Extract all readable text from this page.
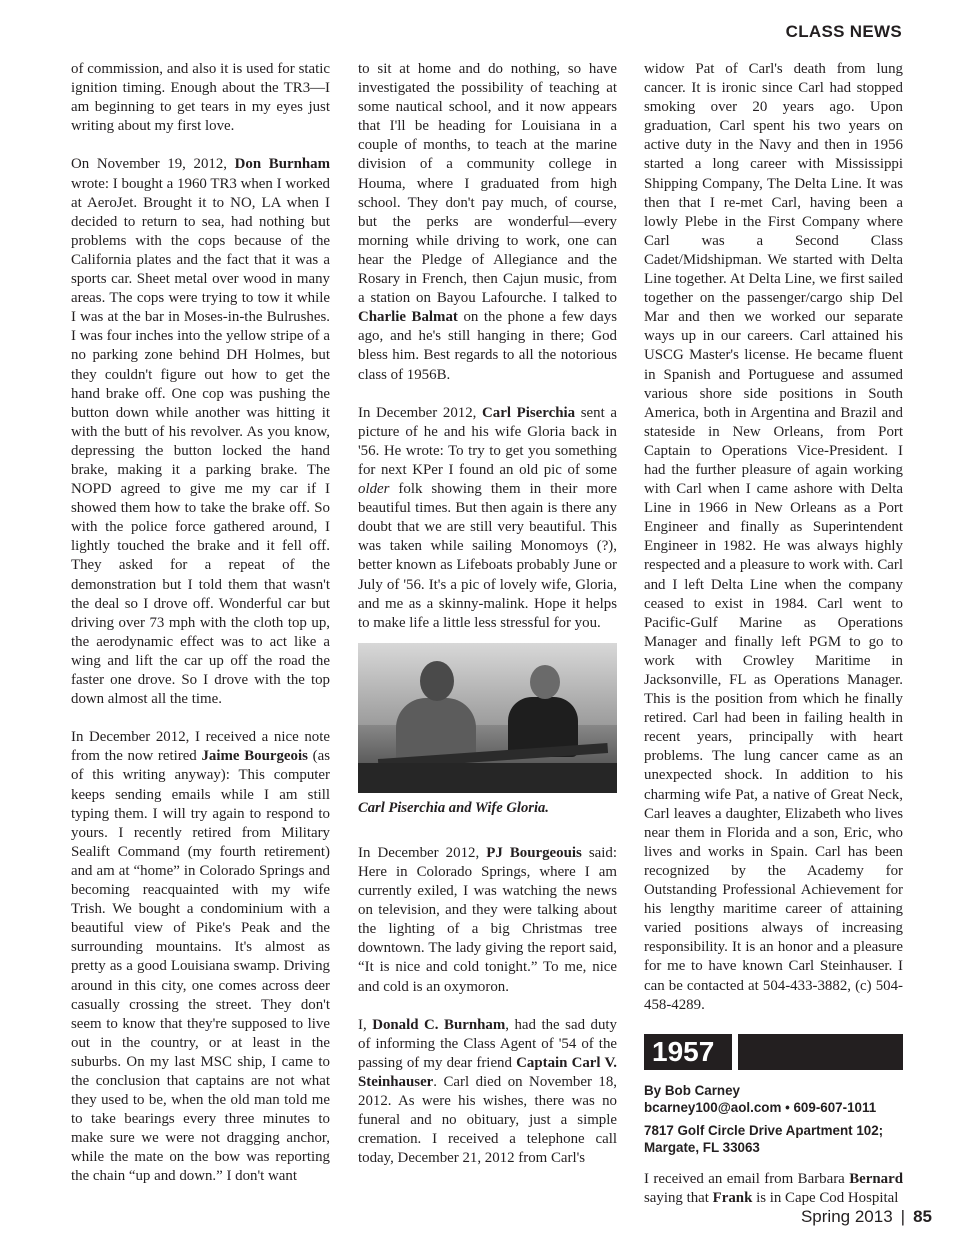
CLASS NEWS

of commission, and also it is used for static ignition timing. Enough about the TR3—I am beginning to get tears in my eyes just writing about my first love.

On November 19, 2012, Don Burnham wrote: I bought a 1960 TR3 when I worked at AeroJet. Brought it to NO, LA when I decided to return to sea, had nothing but problems with the cops because of the California plates and the fact that it was a sports car. Sheet metal over wood in many areas. The cops were trying to tow it while I was at the bar in Moses-in-the Bulrushes. I was four inches into the yellow stripe of a no parking zone behind DH Holmes, but they couldn't figure out how to get the hand brake off. One cop was pushing the button down while another was hitting it with the butt of his revolver. As you know, depressing the button locked the hand brake, making it a parking brake. The NOPD agreed to give me my car if I showed them how to take the brake off. So with the police force gathered around, I lightly touched the brake and it fell off. They asked for a repeat of the demonstration but I told them that wasn't the deal so I drove off. Wonderful car but driving over 73 mph with the cloth top up, the aerodynamic effect was to act like a wing and lift the car up off the road the faster one drove. So I drove with the top down almost all the time.

In December 2012, I received a nice note from the now retired Jaime Bourgeois (as of this writing anyway): This computer keeps sending emails while I am still typing them. I will try again to respond to yours. I recently retired from Military Sealift Command (my fourth retirement) and am at “home” in Colorado Springs and becoming reacquainted with my wife Trish. We bought a condominium with a beautiful view of Pike's Peak and the surrounding mountains. It's almost as pretty as a good Louisiana swamp. Driving around in this city, one comes across deer casually crossing the street. They don't seem to know that they're supposed to live out in the country, or at least in the suburbs. On my last MSC ship, I came to the conclusion that captains are not what they used to be, when the old man told me to take bearings every three minutes to make sure we were not dragging anchor, while the mate on the bow was reporting the chain “up and down.” I don't want

to sit at home and do nothing, so have investigated the possibility of teaching at some nautical school, and it now appears that I'll be heading for Louisiana in a couple of months, to teach at the marine division of a community college in Houma, where I graduated from high school. They don't pay much, of course, but the perks are wonderful—every morning while driving to work, one can hear the Pledge of Allegiance and the Rosary in French, then Cajun music, from a station on Bayou Lafourche. I talked to Charlie Balmat on the phone a few days ago, and he's still hanging in there; God bless him. Best regards to all the notorious class of 1956B.

In December 2012, Carl Piserchia sent a picture of he and his wife Gloria back in '56. He wrote: To try to get you something for next KPer I found an old pic of some older folk showing them in their more beautiful times. But then again is there any doubt that we are still very beautiful. This was taken while sailing Monomoys (?), better known as Lifeboats probably June or July of '56. It's a pic of lovely wife, Gloria, and me as a skinny-malink. Hope it helps to make life a little less stressful for you.

Carl Piserchia and Wife Gloria.

In December 2012, PJ Bourgeouis said: Here in Colorado Springs, where I am currently exiled, I was watching the news on television, and they were talking about the lighting of a big Christmas tree downtown. The lady giving the report said, “It is nice and cold tonight.” To me, nice and cold is an oxymoron.

I, Donald C. Burnham, had the sad duty of informing the Class Agent of '54 of the passing of my dear friend Captain Carl V. Steinhauser. Carl died on November 18, 2012. As were his wishes, there was no funeral and no obituary, just a simple cremation. I received a telephone call today, December 21, 2012 from Carl's

widow Pat of Carl's death from lung cancer. It is ironic since Carl had stopped smoking over 20 years ago. Upon graduation, Carl spent his two years on active duty in the Navy and then in 1956 started a long career with Mississippi Shipping Company, The Delta Line. It was then that I re-met Carl, having been a lowly Plebe in the First Company where Carl was a Second Class Cadet/Midshipman. We started with Delta Line together. At Delta Line, we first sailed together on the passenger/cargo ship Del Mar and then we worked our separate ways up in our careers. Carl attained his USCG Master's license. He became fluent in Spanish and Portuguese and assumed various shore side positions in South America, both in Argentina and Brazil and stateside in New Orleans, from Port Captain to Operations Vice-President. I had the further pleasure of again working with Carl when I came ashore with Delta Line in 1966 in New Orleans as a Port Engineer and finally as Superintendent Engineer in 1982. He was always highly respected and a pleasure to work with. Carl and I left Delta Line when the company ceased to exist in 1984. Carl went to Pacific-Gulf Marine as Operations Manager and finally left PGM to go to work with Crowley Maritime in Jacksonville, FL as Operations Manager. This is the position from which he finally retired. Carl had been in failing health in recent years, principally with heart problems. The lung cancer came as an unexpected shock. In addition to his charming wife Pat, a native of Great Neck, Carl leaves a daughter, Elizabeth who lives near them in Florida and a son, Eric, who lives and works in Spain. Carl has been recognized by the Academy for Outstanding Professional Achievement for his lengthy maritime career of attaining varied positions always of increasing responsibility. It is an honor and a pleasure for me to have known Carl Steinhauser. I can be contacted at 504-433-3882, (c) 504-458-4289.

1957
By Bob Carney
bcarney100@aol.com • 609-607-1011
7817 Golf Circle Drive Apartment 102;
Margate, FL 33063

I received an email from Barbara Bernard saying that Frank is in Cape Cod Hospital

Spring 2013 | 85
